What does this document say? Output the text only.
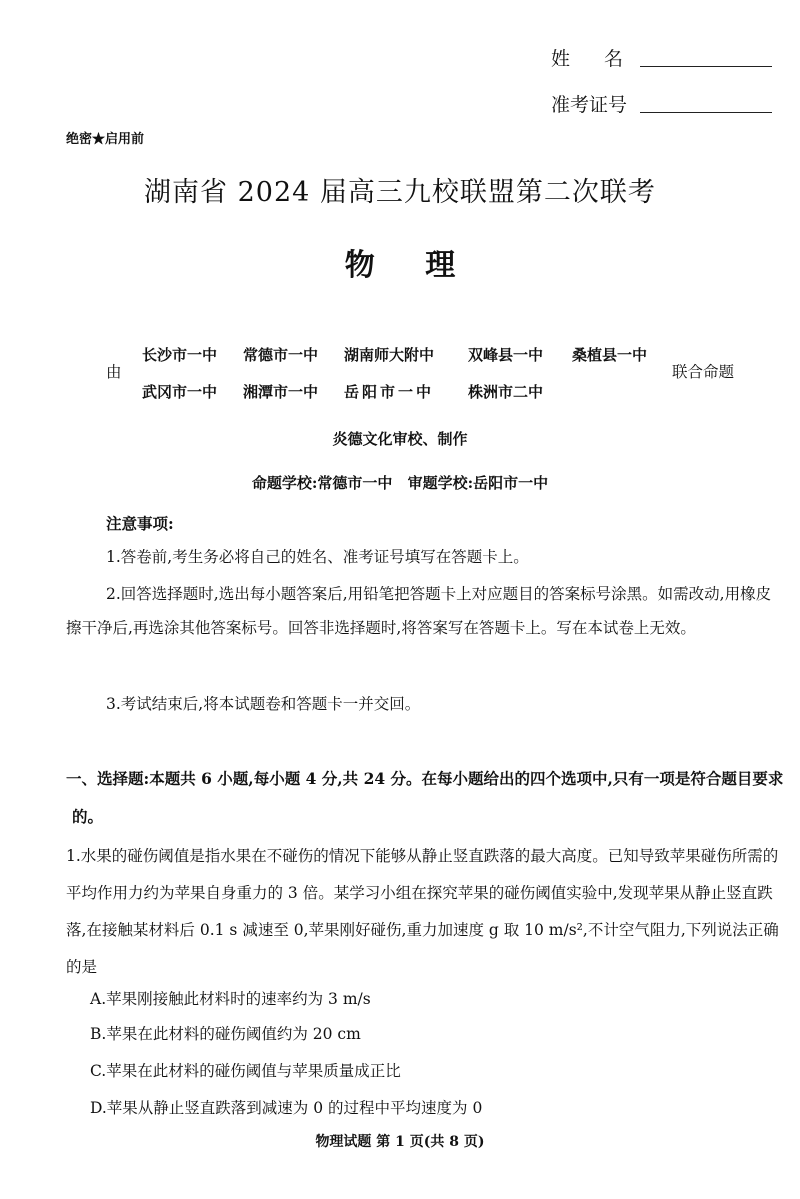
姓 名
准考证号
绝密★启用前
湖南省 2024 届高三九校联盟第二次联考
物 理
由
长沙市一中 常德市一中 湖南师大附中 双峰县一中 桑植县一中
武冈市一中 湘潭市一中 岳阳市一中 株洲市二中
联合命题
炎德文化审校、制作
命题学校:常德市一中 审题学校:岳阳市一中
注意事项:
1.答卷前,考生务必将自己的姓名、准考证号填写在答题卡上。
2.回答选择题时,选出每小题答案后,用铅笔把答题卡上对应题目的答案标号涂黑。如需改动,用橡皮擦干净后,再选涂其他答案标号。回答非选择题时,将答案写在答题卡上。写在本试卷上无效。
3.考试结束后,将本试题卷和答题卡一并交回。
一、选择题:本题共 6 小题,每小题 4 分,共 24 分。在每小题给出的四个选项中,只有一项是符合题目要求的。
1.水果的碰伤阈值是指水果在不碰伤的情况下能够从静止竖直跌落的最大高度。已知导致苹果碰伤所需的平均作用力约为苹果自身重力的 3 倍。某学习小组在探究苹果的碰伤阈值实验中,发现苹果从静止竖直跌落,在接触某材料后 0.1 s 减速至 0,苹果刚好碰伤,重力加速度 g 取 10 m/s²,不计空气阻力,下列说法正确的是
A.苹果刚接触此材料时的速率约为 3 m/s
B.苹果在此材料的碰伤阈值约为 20 cm
C.苹果在此材料的碰伤阈值与苹果质量成正比
D.苹果从静止竖直跌落到减速为 0 的过程中平均速度为 0
物理试题 第 1 页(共 8 页)
